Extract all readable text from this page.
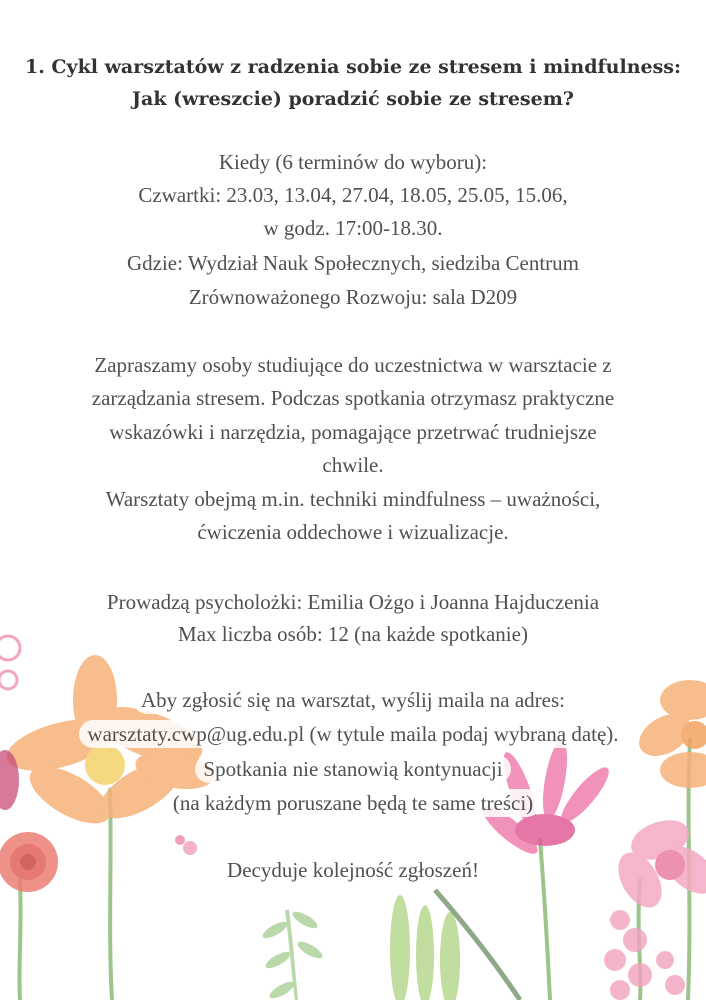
1. Cykl warsztatów z radzenia sobie ze stresem i mindfulness:
Jak (wreszcie) poradzić sobie ze stresem?
Kiedy (6 terminów do wyboru):
Czwartki: 23.03, 13.04, 27.04, 18.05, 25.05, 15.06,
w godz. 17:00-18.30.
Gdzie: Wydział Nauk Społecznych, siedziba Centrum
Zrównoważonego Rozwoju: sala D209
Zapraszamy osoby studiujące do uczestnictwa w warsztacie z
zarządzania stresem. Podczas spotkania otrzymasz praktyczne
wskazówki i narzędzia, pomagające przetrwać trudniejsze
chwile.
Warsztaty obejmą m.in. techniki mindfulness – uważności,
ćwiczenia oddechowe i wizualizacje.
Prowadzą psycholożki: Emilia Ożgo i Joanna Hajduczenia
Max liczba osób: 12 (na każde spotkanie)
Aby zgłosić się na warsztat, wyślij maila na adres:
warsztaty.cwp@ug.edu.pl (w tytule maila podaj wybraną datę).
Spotkania nie stanowią kontynuacji
(na każdym poruszane będą te same treści)
Decyduje kolejność zgłoszeń!
